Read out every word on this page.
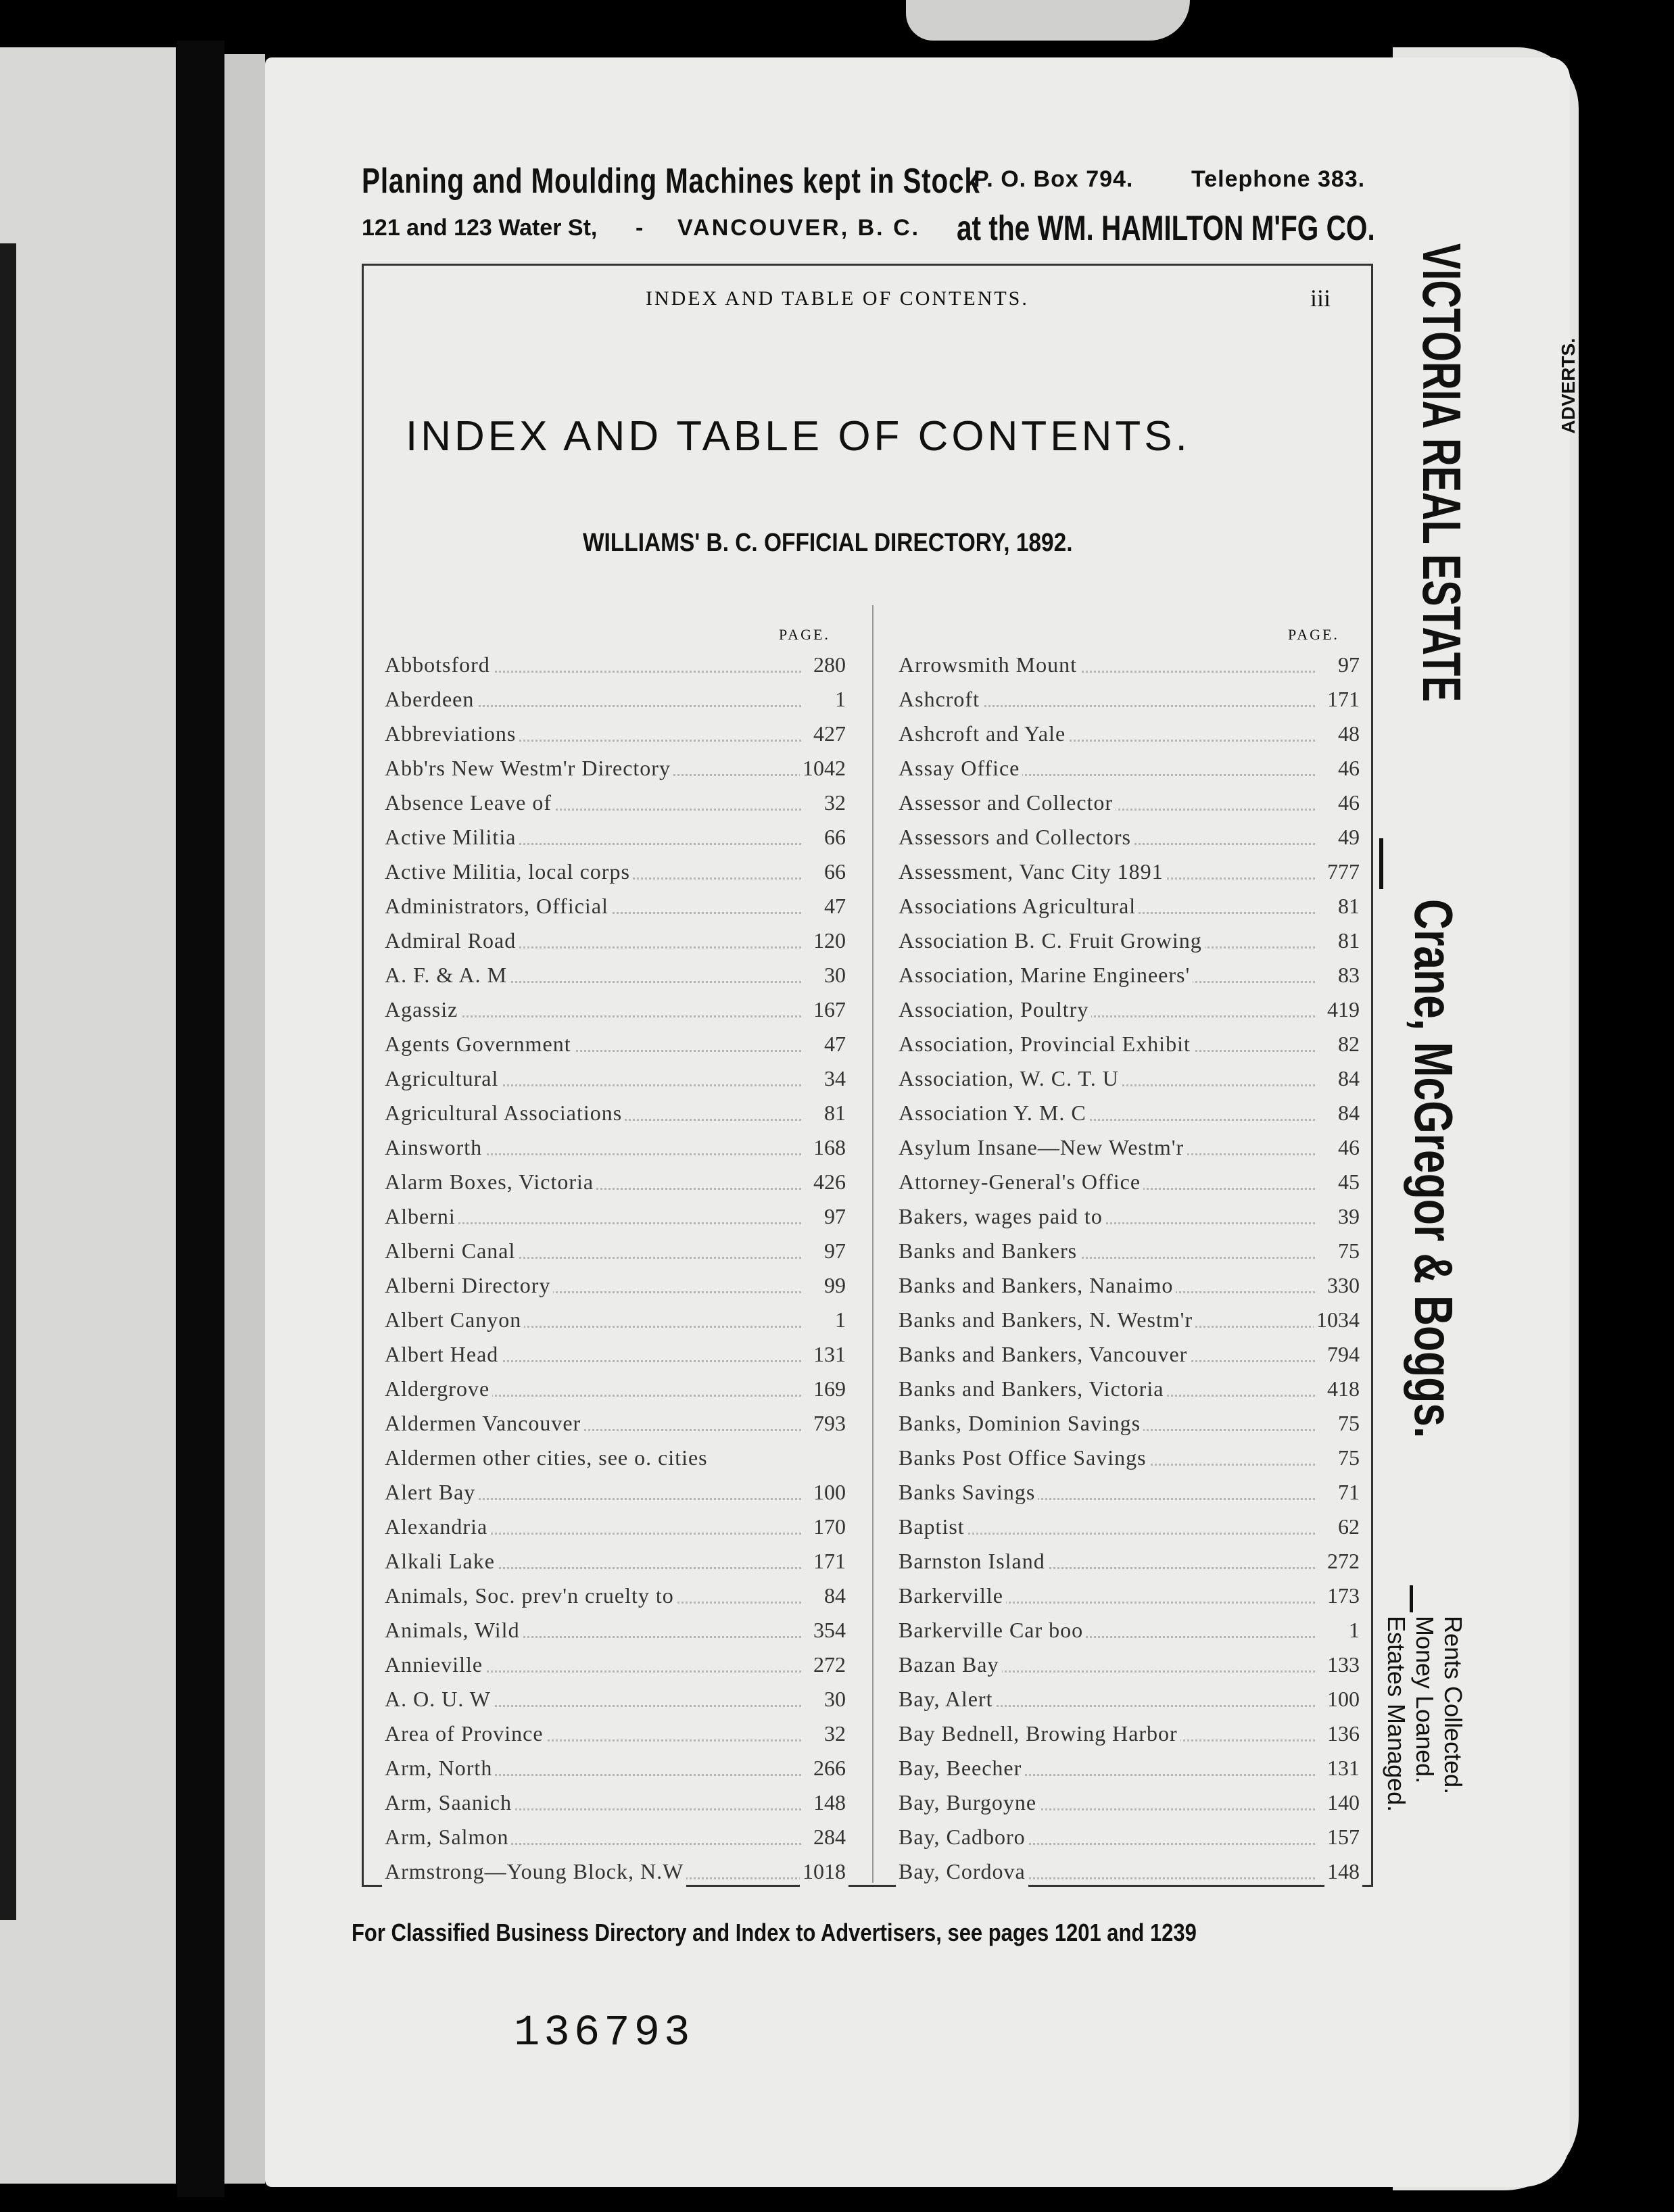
Planing and Moulding Machines kept in Stock
P. O. Box 794.	Telephone 383.
121 and 123 Water St, - VANCOUVER, B. C. at the WM. HAMILTON M'FG CO.
INDEX AND TABLE OF CONTENTS.	iii
INDEX AND TABLE OF CONTENTS.
WILLIAMS' B. C. OFFICIAL DIRECTORY, 1892.
PAGE.	PAGE.
Abbotsford	280
Aberdeen	1
Abbreviations	427
Abb'rs New Westm'r Directory	1042
Absence Leave of	32
Active Militia	66
Active Militia, local corps	66
Administrators, Official	47
Admiral Road	120
A. F. & A. M	30
Agassiz	167
Agents Government	47
Agricultural	34
Agricultural Associations	81
Ainsworth	168
Alarm Boxes, Victoria	426
Alberni	97
Alberni Canal	97
Alberni Directory	99
Albert Canyon	1
Albert Head	131
Aldergrove	169
Aldermen Vancouver	793
Aldermen other cities, see o. cities
Alert Bay	100
Alexandria	170
Alkali Lake	171
Animals, Soc. prev'n cruelty to	84
Animals, Wild	354
Annieville	272
A. O. U. W	30
Area of Province	32
Arm, North	266
Arm, Saanich	148
Arm, Salmon	284
Armstrong—Young Block, N.W	1018
Arrowsmith Mount	97
Ashcroft	171
Ashcroft and Yale	48
Assay Office	46
Assessor and Collector	46
Assessors and Collectors	49
Assessment, Vanc City 1891	777
Associations Agricultural	81
Association B. C. Fruit Growing	81
Association, Marine Engineers'	83
Association, Poultry	419
Association, Provincial Exhibit	82
Association, W. C. T. U	84
Association Y. M. C	84
Asylum Insane—New Westm'r	46
Attorney-General's Office	45
Bakers, wages paid to	39
Banks and Bankers	75
Banks and Bankers, Nanaimo	330
Banks and Bankers, N. Westm'r	1034
Banks and Bankers, Vancouver	794
Banks and Bankers, Victoria	418
Banks, Dominion Savings	75
Banks Post Office Savings	75
Banks Savings	71
Baptist	62
Barnston Island	272
Barkerville	173
Barkerville Car boo	1
Bazan Bay	133
Bay, Alert	100
Bay Bednell, Browing Harbor	136
Bay, Beecher	131
Bay, Burgoyne	140
Bay, Cadboro	157
Bay, Cordova	148
VICTORIA REAL ESTATE
Crane, McGregor & Boggs.
Rents Collected.
Money Loaned.
Estates Managed.
ADVERTS.
For Classified Business Directory and Index to Advertisers, see pages 1201 and 1239
136793
